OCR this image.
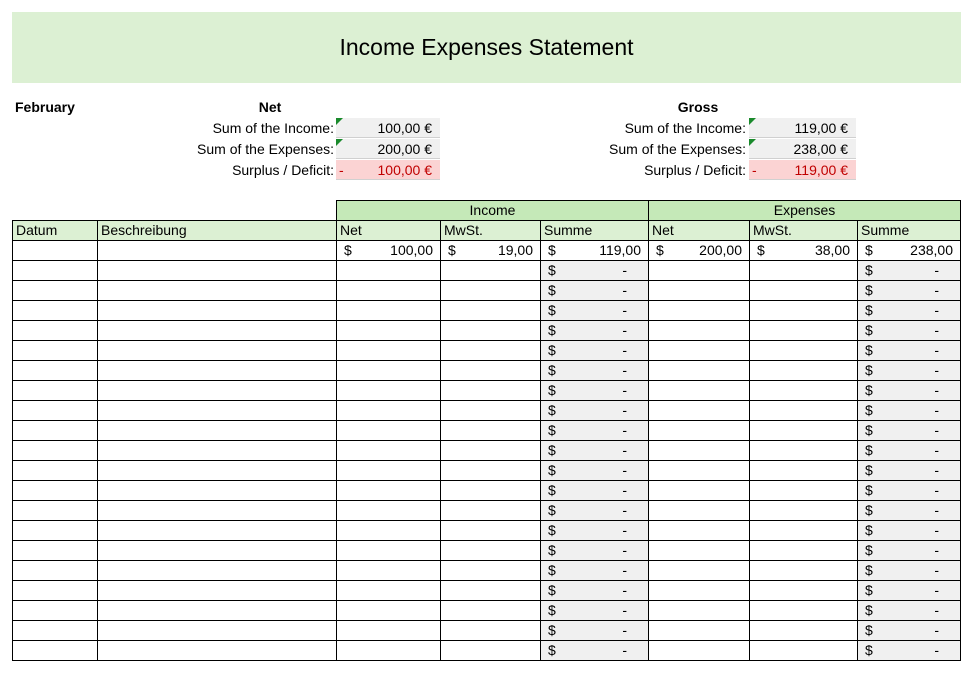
Income Expenses Statement
February	Net
Sum of the Income:	100,00 €
Sum of the Expenses:	200,00 €
Surplus / Deficit: - 100,00 €
Gross
Sum of the Income:	119,00 €
Sum of the Expenses:	238,00 €
Surplus / Deficit: -	119,00 €
		Income			Expenses		
Datum	Beschreibung	Net	MwSt.	Summe	Net	MwSt.	Summe

		$ 100,00	$ 19,00	$ 119,00	$ 200,00	$ 38,00	$ 238,00

				$ -			$ -

				$ -			$ -

				$ -			$ -

				$ -			$ -

				$ -			$ -

				$ -			$ -

				$ -			$ -

				$ -			$ -

				$ -			$ -

				$ -			$ -

				$ -			$ -

				$ -			$ -

				$ -			$ -

				$ -			$ -

				$ -			$ -

				$ -			$ -

				$ -			$ -

				$ -			$ -

				$ -			$ -

				$ -			$ -
